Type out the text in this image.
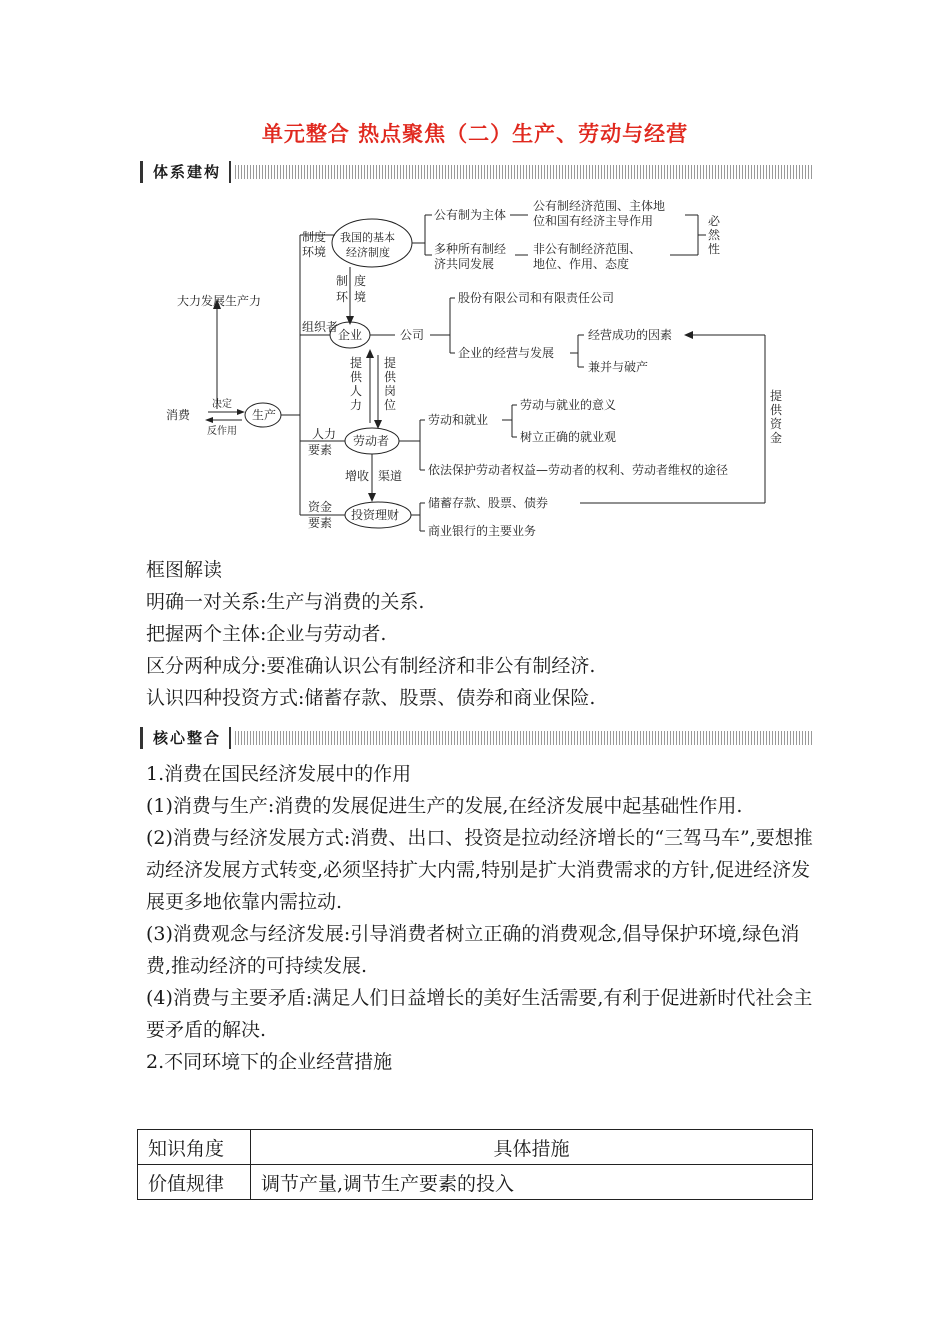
单元整合 热点聚焦（二）生产、劳动与经营
体系建构
大力发展生产力
消费
决定
反作用
生产
制度
环境
组织者
人力
要素
资金
要素
我国的基本
经济制度
公有制为主体
多种所有制经
济共同发展
公有制经济范围、主体地
位和国有经济主导作用
非公有制经济范围、
地位、作用、态度
必
然
性
制 度
环 境
企业	公司
股份有限公司和有限责任公司
企业的经营与发展
经营成功的因素
兼并与破产
提
供
人
力
提
供
岗
位
提
供
资
金
劳动者
劳动和就业
劳动与就业的意义
树立正确的就业观
依法保护劳动者权益—劳动者的权利、劳动者维权的途径
增收 渠道
投资理财
储蓄存款、股票、债券
商业银行的主要业务

框图解读

明确一对关系:生产与消费的关系.

把握两个主体:企业与劳动者.

区分两种成分:要准确认识公有制经济和非公有制经济.

认识四种投资方式:储蓄存款、股票、债券和商业保险.

核心整合

1.消费在国民经济发展中的作用

(1)消费与生产:消费的发展促进生产的发展,在经济发展中起基础性作用.

(2)消费与经济发展方式:消费、出口、投资是拉动经济增长的“三驾马车”,要想推动经济发展方式转变,必须坚持扩大内需,特别是扩大消费需求的方针,促进经济发展更多地依靠内需拉动.

(3)消费观念与经济发展:引导消费者树立正确的消费观念,倡导保护环境,绿色消费,推动经济的可持续发展.

(4)消费与主要矛盾:满足人们日益增长的美好生活需要,有利于促进新时代社会主要矛盾的解决.

2.不同环境下的企业经营措施

知识角度	具体措施
价值规律	调节产量,调节生产要素的投入
